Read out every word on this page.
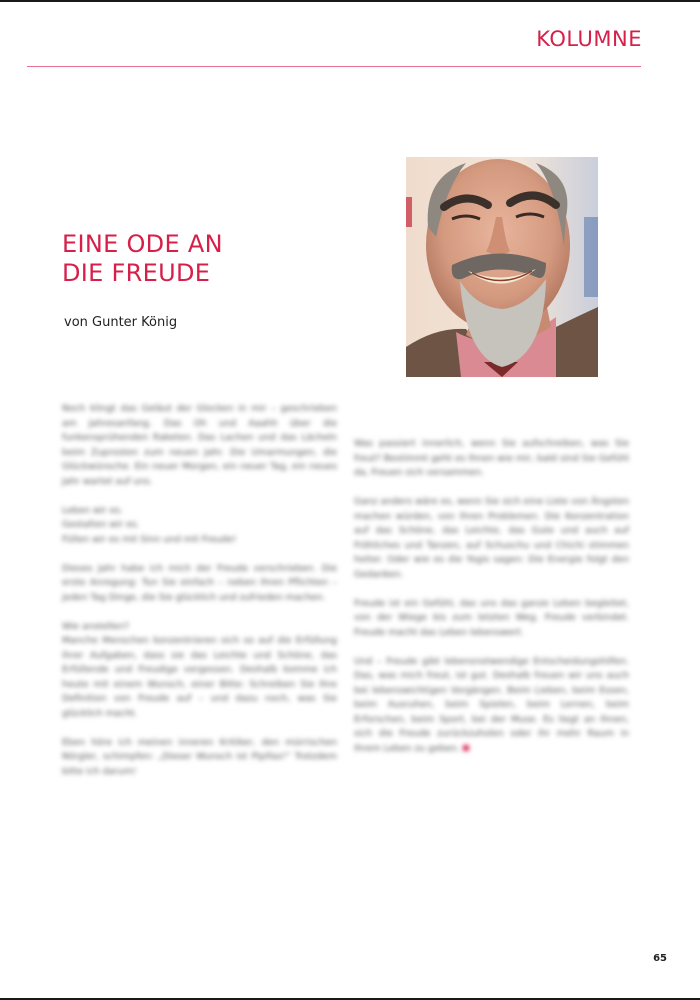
KOLUMNE
EINE ODE AN
DIE FREUDE
von Gunter König

Noch klingt das Geläut der Glocken in mir – geschrieben am Jahresanfang. Das Oh und Aaahh über die funkensprühenden Raketen. Das Lachen und das Lächeln beim Zuprosten zum neuen Jahr. Die Umarmungen, die Glückwünsche. Ein neuer Morgen, ein neuer Tag, ein neues Jahr wartet auf uns.

Leben wir es.
Gestalten wir es.

Füllen wir es mit Sinn und mit Freude!

Dieses Jahr habe ich mich der Freude verschrieben. Die erste Anregung: Tun Sie einfach – neben Ihren Pflichten – jeden Tag Dinge, die Sie glücklich und zufrieden machen.

Wie anstellen?

Manche Menschen konzentrieren sich so auf die Erfüllung ihrer Aufgaben, dass sie das Leichte und Schöne, das Erfüllende und Freudige vergessen. Deshalb komme ich heute mit einem Wunsch, einer Bitte: Schreiben Sie Ihre Definition von Freude auf – und dazu noch, was Sie glücklich macht.

Eben höre ich meinen inneren Kritiker, den mürrischen Nörgler, schimpfen: „Dieser Wunsch ist Pipifax!“ Trotzdem bitte ich darum!

Was passiert innerlich, wenn Sie aufschreiben, was Sie freut? Bestimmt geht es Ihnen wie mir, bald sind Sie Gefühl da, Freuen sich versammen.

Ganz anders wäre es, wenn Sie sich eine Liste von Ängsten machen würden, von Ihren Problemen. Die Konzentration auf das Schöne, das Leichte, das Gute und auch auf Fröhliches und Tanzen, auf Schuschu und Chichi stimmen heiter. Oder wie es die Yogis sagen: Die Energie folgt den Gedanken.

Freude ist ein Gefühl, das uns das ganze Leben begleitet, von der Wiege bis zum letzten Weg. Freude verbindet. Freude macht das Leben lebenswert.

Und – Freude gibt lebensnotwendige Entscheidungshilfen. Das, was mich freut, ist gut. Deshalb freuen wir uns auch bei lebenswichtigen Vorgängen. Beim Lieben, beim Essen, beim Ausruhen, beim Spielen, beim Lernen, beim Erforschen, beim Sport, bei der Muse. Es liegt an Ihnen, sich die Freude zurückzuholen oder ihr mehr Raum in Ihrem Leben zu geben.

65
